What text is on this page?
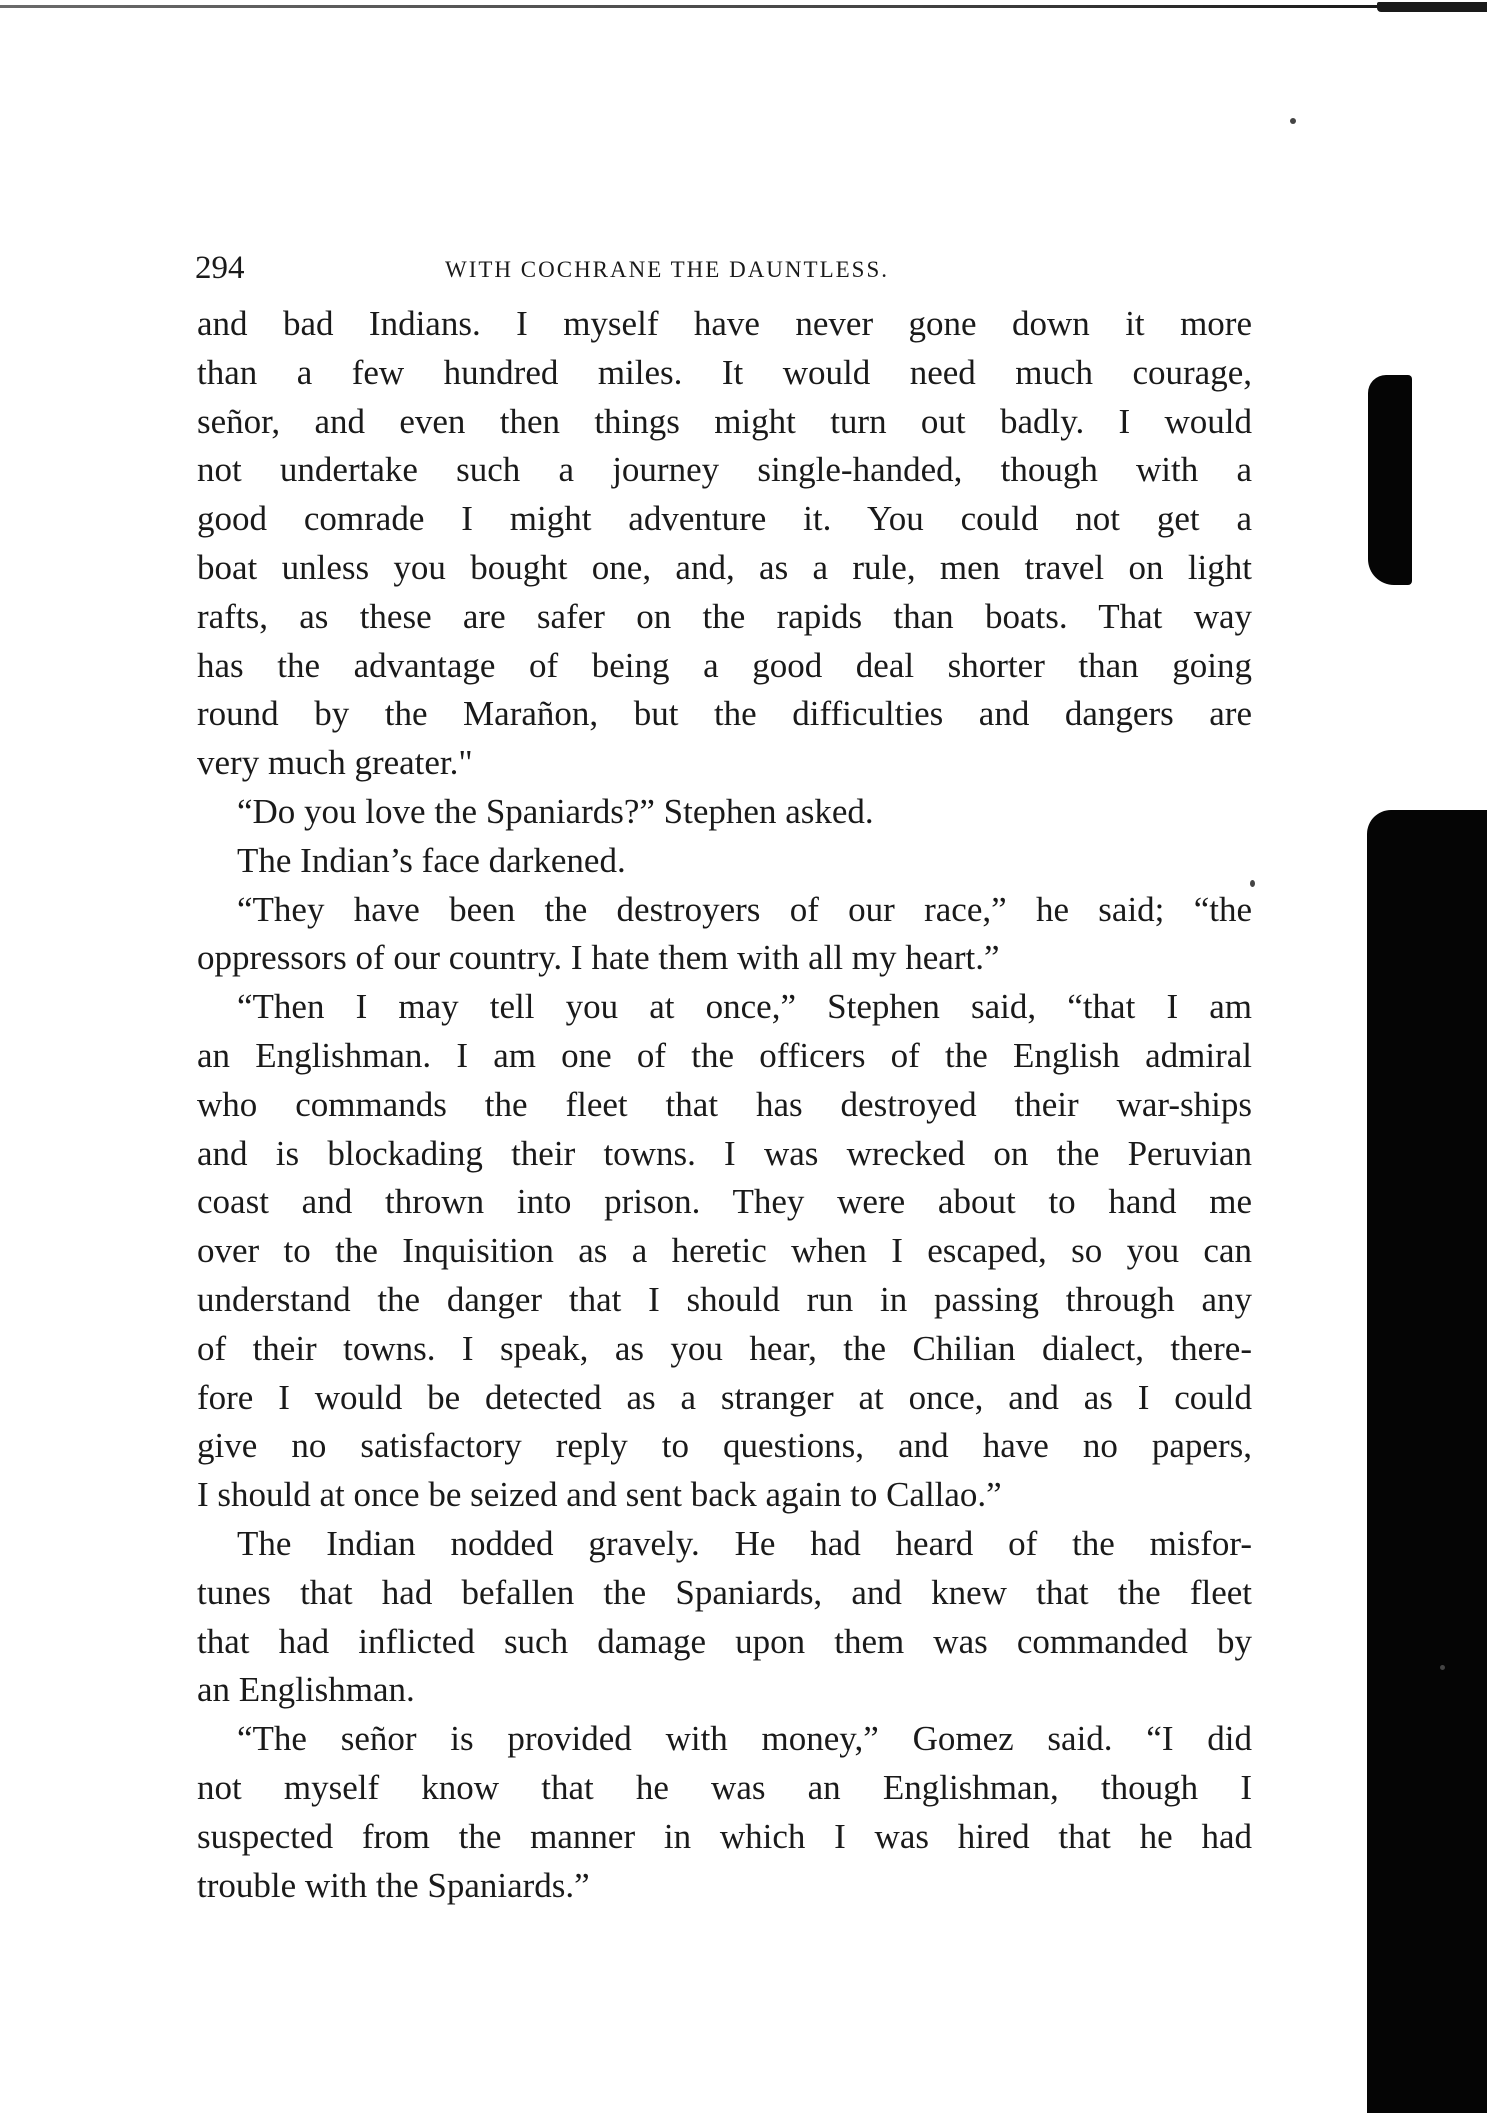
294	WITH COCHRANE THE DAUNTLESS.
and bad Indians. I myself have never gone down it more
than a few hundred miles. It would need much courage,
señor, and even then things might turn out badly. I would
not undertake such a journey single-handed, though with a
good comrade I might adventure it. You could not get a
boat unless you bought one, and, as a rule, men travel on light
rafts, as these are safer on the rapids than boats. That way
has the advantage of being a good deal shorter than going
round by the Marañon, but the difficulties and dangers are
very much greater."
“Do you love the Spaniards?” Stephen asked.
The Indian’s face darkened.
“They have been the destroyers of our race,” he said; “the
oppressors of our country. I hate them with all my heart.”
“Then I may tell you at once,” Stephen said, “that I am
an Englishman. I am one of the officers of the English admiral
who commands the fleet that has destroyed their war-ships
and is blockading their towns. I was wrecked on the Peruvian
coast and thrown into prison. They were about to hand me
over to the Inquisition as a heretic when I escaped, so you can
understand the danger that I should run in passing through any
of their towns. I speak, as you hear, the Chilian dialect, there-
fore I would be detected as a stranger at once, and as I could
give no satisfactory reply to questions, and have no papers,
I should at once be seized and sent back again to Callao.”
The Indian nodded gravely. He had heard of the misfor-
tunes that had befallen the Spaniards, and knew that the fleet
that had inflicted such damage upon them was commanded by
an Englishman.
“The señor is provided with money,” Gomez said. “I did
not myself know that he was an Englishman, though I
suspected from the manner in which I was hired that he had
trouble with the Spaniards.”
